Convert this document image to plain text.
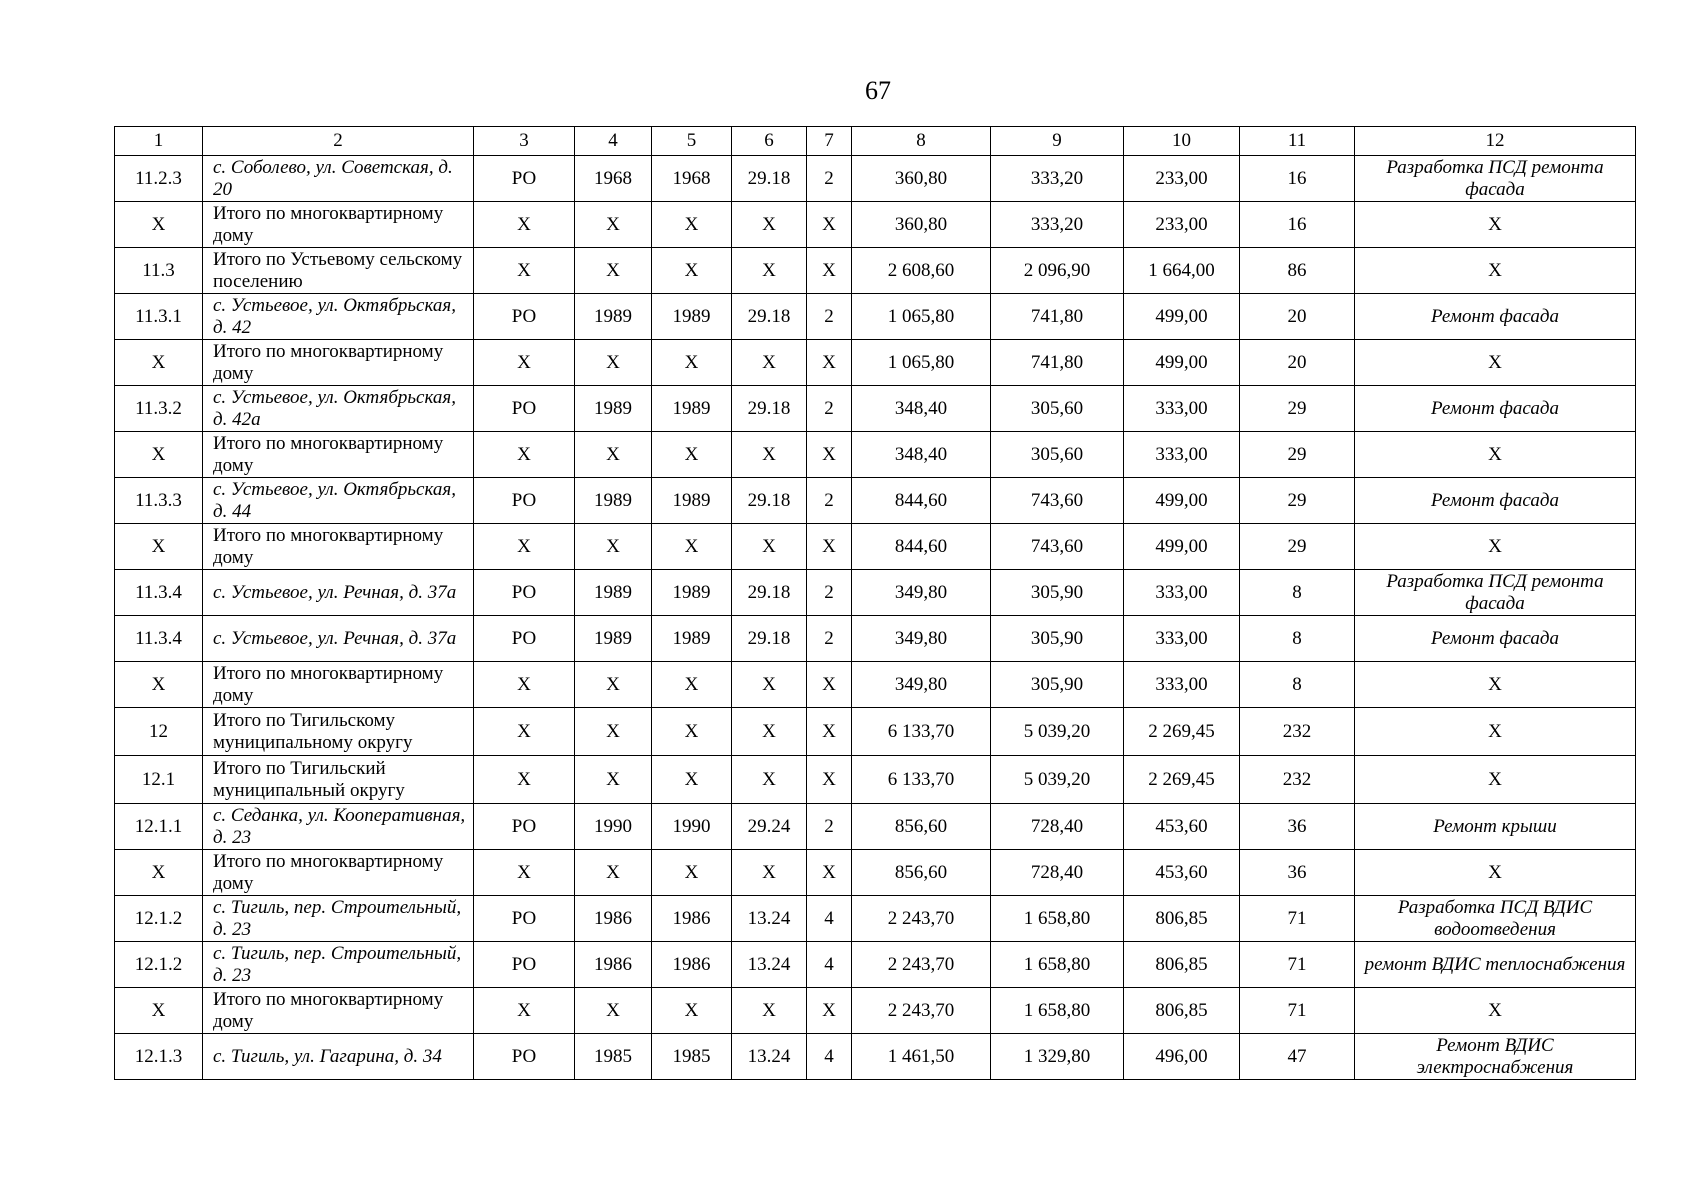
67
1	2	3	4	5	6	7	8	9	10	11	12
11.2.3	с. Соболево, ул. Советская, д. 20	РО	1968	1968	29.18	2	360,80	333,20	233,00	16	Разработка ПСД ремонта фасада
Х	Итого по многоквартирному дому	Х	Х	Х	Х	Х	360,80	333,20	233,00	16	Х
11.3	Итого по Устьевому сельскому поселению	Х	Х	Х	Х	Х	2 608,60	2 096,90	1 664,00	86	Х
11.3.1	с. Устьевое, ул. Октябрьская, д. 42	РО	1989	1989	29.18	2	1 065,80	741,80	499,00	20	Ремонт фасада
Х	Итого по многоквартирному дому	Х	Х	Х	Х	Х	1 065,80	741,80	499,00	20	Х
11.3.2	с. Устьевое, ул. Октябрьская, д. 42а	РО	1989	1989	29.18	2	348,40	305,60	333,00	29	Ремонт фасада
Х	Итого по многоквартирному дому	Х	Х	Х	Х	Х	348,40	305,60	333,00	29	Х
11.3.3	с. Устьевое, ул. Октябрьская, д. 44	РО	1989	1989	29.18	2	844,60	743,60	499,00	29	Ремонт фасада
Х	Итого по многоквартирному дому	Х	Х	Х	Х	Х	844,60	743,60	499,00	29	Х
11.3.4	с. Устьевое, ул. Речная, д. 37а	РО	1989	1989	29.18	2	349,80	305,90	333,00	8	Разработка ПСД ремонта фасада
11.3.4	с. Устьевое, ул. Речная, д. 37а	РО	1989	1989	29.18	2	349,80	305,90	333,00	8	Ремонт фасада
Х	Итого по многоквартирному дому	Х	Х	Х	Х	Х	349,80	305,90	333,00	8	Х
12	Итого по Тигильскому муниципальному округу	Х	Х	Х	Х	Х	6 133,70	5 039,20	2 269,45	232	Х
12.1	Итого по Тигильский муниципальный округу	Х	Х	Х	Х	Х	6 133,70	5 039,20	2 269,45	232	Х
12.1.1	с. Седанка, ул. Кооперативная, д. 23	РО	1990	1990	29.24	2	856,60	728,40	453,60	36	Ремонт крыши
Х	Итого по многоквартирному дому	Х	Х	Х	Х	Х	856,60	728,40	453,60	36	Х
12.1.2	с. Тигиль, пер. Строительный, д. 23	РО	1986	1986	13.24	4	2 243,70	1 658,80	806,85	71	Разработка ПСД ВДИС водоотведения
12.1.2	с. Тигиль, пер. Строительный, д. 23	РО	1986	1986	13.24	4	2 243,70	1 658,80	806,85	71	ремонт ВДИС теплоснабжения
Х	Итого по многоквартирному дому	Х	Х	Х	Х	Х	2 243,70	1 658,80	806,85	71	Х
12.1.3	с. Тигиль, ул. Гагарина, д. 34	РО	1985	1985	13.24	4	1 461,50	1 329,80	496,00	47	Ремонт ВДИС электроснабжения
